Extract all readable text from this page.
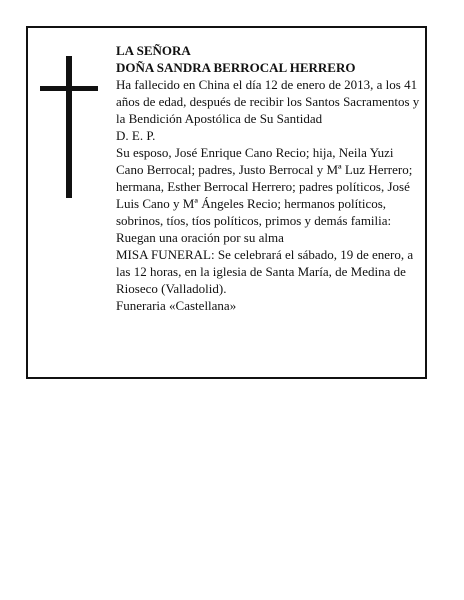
LA SEÑORA

DOÑA SANDRA BERROCAL HERRERO

Ha fallecido en China el día 12 de enero de 2013, a los 41 años de edad, después de recibir los Santos Sacramentos y la Bendición Apostólica de Su Santidad

D. E. P.

Su esposo, José Enrique Cano Recio; hija, Neila Yuzi Cano Berrocal; padres, Justo Berrocal y Mª Luz Herrero; hermana, Esther Berrocal Herrero; padres políticos, José Luis Cano y Mª Ángeles Recio; hermanos políticos, sobrinos, tíos, tíos políticos, primos y demás familia:

Ruegan una oración por su alma

MISA FUNERAL: Se celebrará el sábado, 19 de enero, a las 12 horas, en la iglesia de Santa María, de Medina de Rioseco (Valladolid).

Funeraria «Castellana»
